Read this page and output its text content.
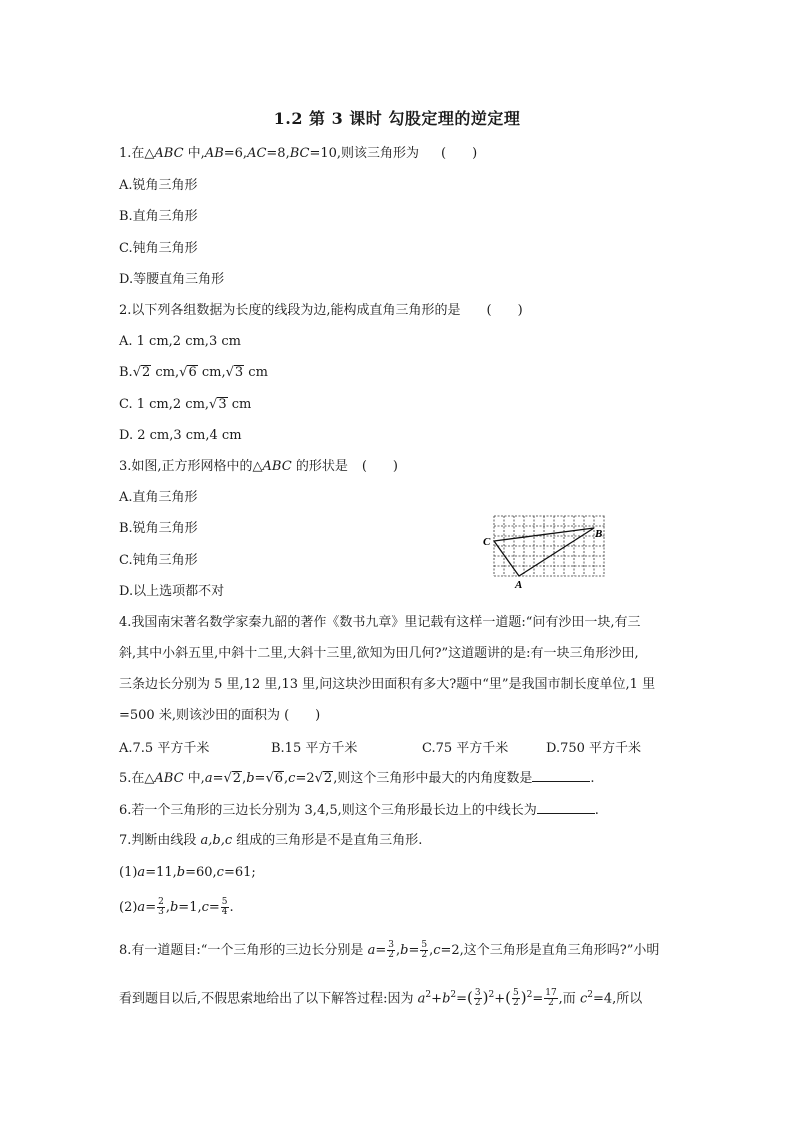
1.2 第 3 课时 勾股定理的逆定理
1.在△ABC 中,AB=6,AC=8,BC=10,则该三角形为 (　　)
A.锐角三角形
B.直角三角形
C.钝角三角形
D.等腰直角三角形
2.以下列各组数据为长度的线段为边,能构成直角三角形的是 (　　)
A. 1 cm,2 cm,3 cm
B.√2 cm,√6 cm,√3 cm
C. 1 cm,2 cm,√3 cm
D. 2 cm,3 cm,4 cm
3.如图,正方形网格中的△ABC 的形状是 (　　)
A.直角三角形
B.锐角三角形
C.钝角三角形
D.以上选项都不对
C
B
A
4.我国南宋著名数学家秦九韶的著作《数书九章》里记载有这样一道题:“问有沙田一块,有三
斜,其中小斜五里,中斜十二里,大斜十三里,欲知为田几何?”这道题讲的是:有一块三角形沙田,
三条边长分别为 5 里,12 里,13 里,问这块沙田面积有多大?题中“里”是我国市制长度单位,1 里
=500 米,则该沙田的面积为 (　　)
A.7.5 平方千米	B.15 平方千米	C.75 平方千米	D.750 平方千米
5.在△ABC 中,a=√2,b=√6,c=2√2,则这个三角形中最大的内角度数是	.
6.若一个三角形的三边长分别为 3,4,5,则这个三角形最长边上的中线长为	.
7.判断由线段 a,b,c 组成的三角形是不是直角三角形.
(1)a=11,b=60,c=61;
$(2)a= \frac{2}{3} ,b=1,c= \frac{5}{4}$ .
8.有一道题目:“一个三角形的三边长分别是 $a= \frac{3}{2} ,b= \frac{5}{2} ,c=2$,这个三角形是直角三角形吗?”小明
看到题目以后,不假思索地给出了以下解答过程:因为 $a^2+b^2=( \frac{3}{2} )^2+( \frac{5}{2} )^2= \frac{17}{2}$ ,而 $c^2=4$,所以
